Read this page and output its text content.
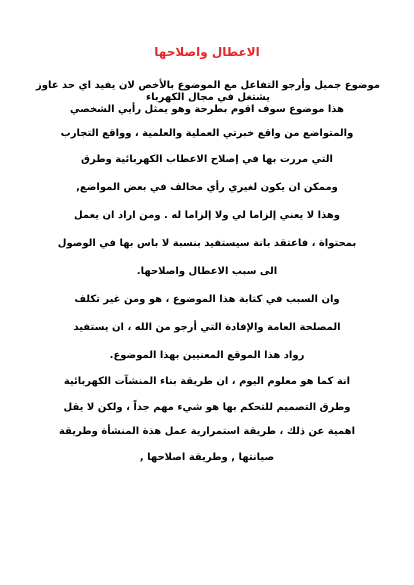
الاعطال واصلاحها
موضوع جميل وأرجو التفاعل مع الموضوع بالأخص لان يفيد اي حد عاوز يشتغل في مجال الكهرباء
هذا موضوع سوف اقوم بطرحة وهو يمثل رأيي الشخصي
والمتواضع من واقع خبرتي العملية والعلمية ، وواقع التجارب
التي مررت بها في إصلاح الاعطاب الكهربائية وطرق
وممكن ان يكون لغيري رأي مخالف في بعض المواضع,
وهذا لا يعني إلزاما لي ولا إلزاما له . ومن اراد ان يعمل
بمحتواة ، فاعتقد بانة سيستفيد بنسبة لا باس بها في الوصول
الى سبب الاعطال واصلاحها.
وان السبب في كتابة هذا الموضوع ، هو ومن غير تكلف
المصلحة العامة والإفادة التي أرجو من الله ، ان يستفيد
رواد هذا الموقع المعنيين بهذا الموضوع.
انة كما هو معلوم اليوم ، ان طريقة بناء المنشآت الكهربائية
وطرق التصميم للتحكم بها هو شيء مهم جداً ، ولكن لا يقل
اهمية عن ذلك ، طريقة استمرارية عمل هذة المنشأة وطريقة
صيانتها , وطريقة اصلاحها ,
